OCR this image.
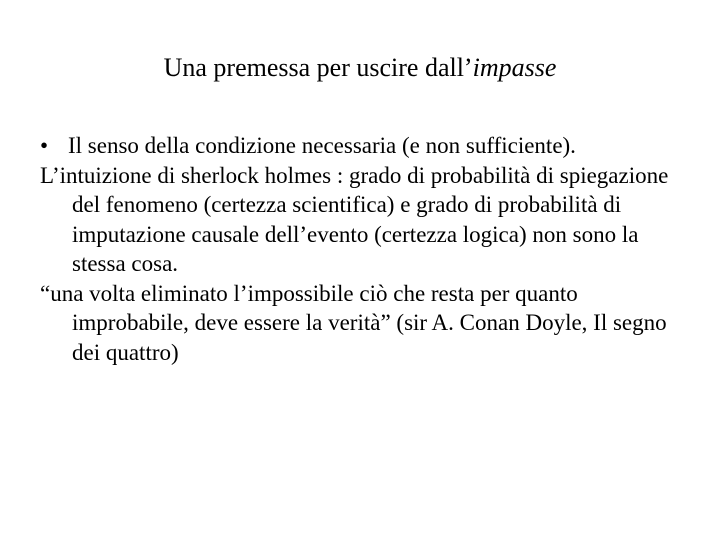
Una premessa per uscire dall’impasse
• Il senso della condizione necessaria (e non sufficiente).
L’intuizione di sherlock holmes : grado di probabilità di spiegazione del fenomeno (certezza scientifica) e grado di probabilità di imputazione causale dell’evento (certezza logica) non sono la stessa cosa.
“una volta eliminato l’impossibile ciò che resta per quanto improbabile, deve essere la verità” (sir A. Conan Doyle, Il segno dei quattro)
